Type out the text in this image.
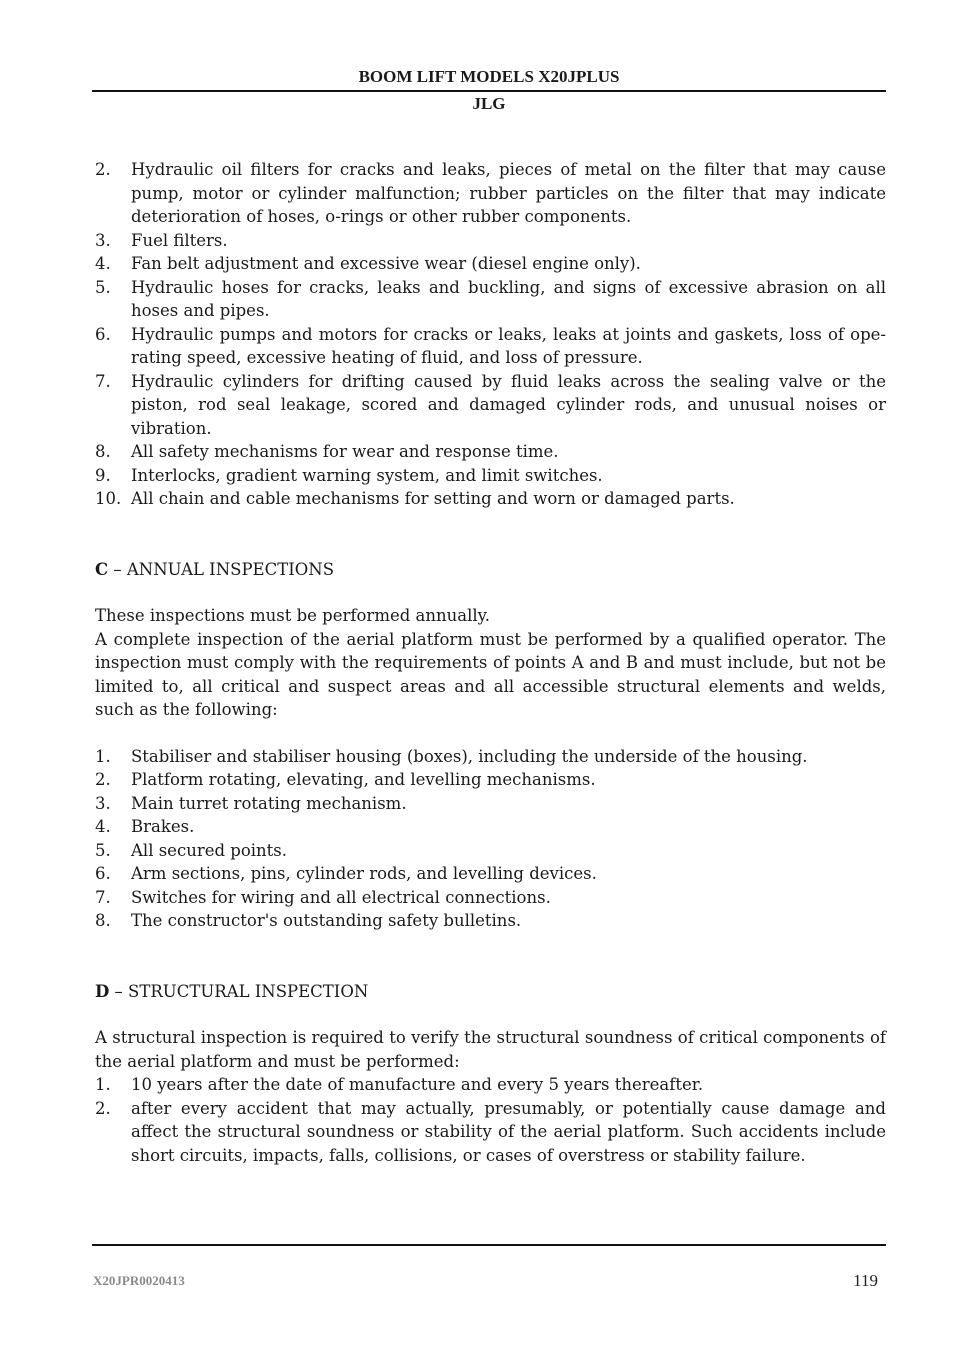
BOOM LIFT MODELS X20JPLUS
JLG
2.	Hydraulic oil filters for cracks and leaks, pieces of metal on the filter that may cause pump, motor or cylinder malfunction; rubber particles on the filter that may indicate deterioration of hoses, o-rings or other rubber components.
3.	Fuel filters.
4.	Fan belt adjustment and excessive wear (diesel engine only).
5.	Hydraulic hoses for cracks, leaks and buckling, and signs of excessive abrasion on all hoses and pipes.
6.	Hydraulic pumps and motors for cracks or leaks, leaks at joints and gaskets, loss of ope-rating speed, excessive heating of fluid, and loss of pressure.
7.	Hydraulic cylinders for drifting caused by fluid leaks across the sealing valve or the piston, rod seal leakage, scored and damaged cylinder rods, and unusual noises or vibration.
8.	All safety mechanisms for wear and response time.
9.	Interlocks, gradient warning system, and limit switches.
10. All chain and cable mechanisms for setting and worn or damaged parts.
C – ANNUAL INSPECTIONS

These inspections must be performed annually.

A complete inspection of the aerial platform must be performed by a qualified operator. The inspection must comply with the requirements of points A and B and must include, but not be limited to, all critical and suspect areas and all accessible structural elements and welds, such as the following:

1.	Stabiliser and stabiliser housing (boxes), including the underside of the housing.
2.	Platform rotating, elevating, and levelling mechanisms.
3.	Main turret rotating mechanism.
4.	Brakes.
5.	All secured points.
6.	Arm sections, pins, cylinder rods, and levelling devices.
7.	Switches for wiring and all electrical connections.
8.	The constructor's outstanding safety bulletins.
D – STRUCTURAL INSPECTION

A structural inspection is required to verify the structural soundness of critical components of the aerial platform and must be performed:

1.	10 years after the date of manufacture and every 5 years thereafter.
2.	after every accident that may actually, presumably, or potentially cause damage and affect the structural soundness or stability of the aerial platform. Such accidents include short circuits, impacts, falls, collisions, or cases of overstress or stability failure.
X20JPR0020413	119
